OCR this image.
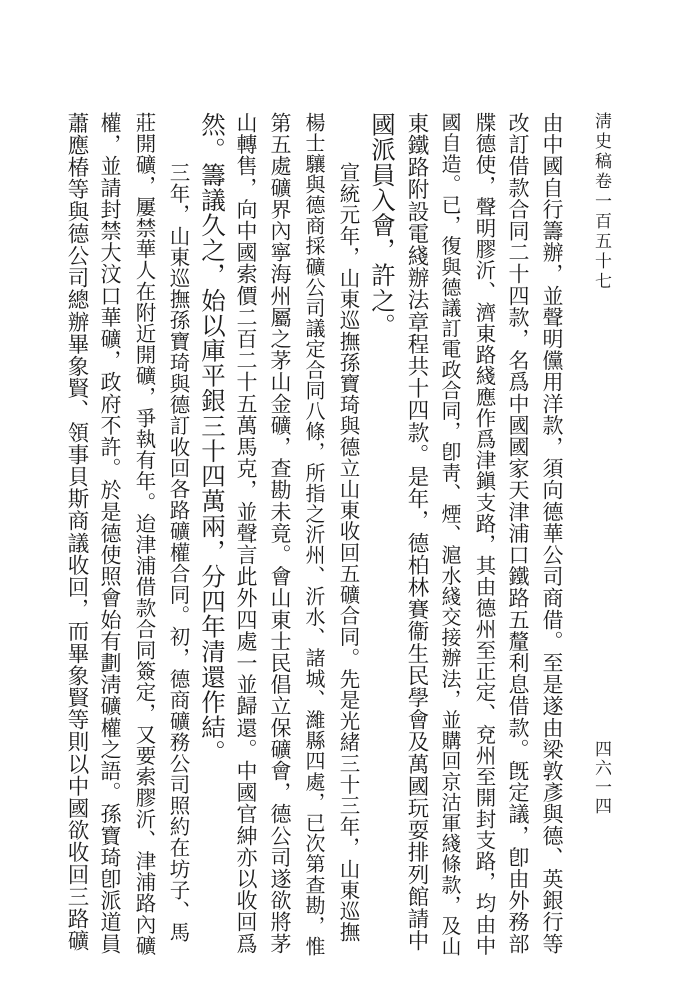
淸史稿卷一百五十七
四六一四

由中國自行籌辦，並聲明儻用洋款，須向德華公司商借。至是遂由梁敦彥與德、英銀行等

改訂借款合同二十四款，名爲中國國家天津浦口鐵路五釐利息借款。旣定議，卽由外務部

牒德使，聲明膠沂、濟東路綫應作爲津鎭支路，其由德州至正定、兗州至開封支路，均由中

國自造。已，復與德議訂電政合同，卽靑、煙、滬水綫交接辦法，並購回京沽軍綫條款，及山

東鐵路附設電綫辦法章程共十四款。是年，德柏林賽衞生民學會及萬國玩耍排列館請中

國派員入會，許之。

宣統元年，山東巡撫孫寶琦與德立山東收回五礦合同。先是光緒三十三年，山東巡撫

楊士驤與德商採礦公司議定合同八條，所指之沂州、沂水、諸城、濰縣四處，已次第查勘，惟

第五處礦界內寧海州屬之茅山金礦，查勘未竟。會山東士民倡立保礦會，德公司遂欲將茅

山轉售，向中國索價二百二十五萬馬克，並聲言此外四處一並歸還。中國官紳亦以收回爲

然。籌議久之，始以庫平銀三十四萬兩，分四年清還作結。

三年，山東巡撫孫寶琦與德訂收回各路礦權合同。初，德商礦務公司照約在坊子、馬

莊開礦，屢禁華人在附近開礦，爭執有年。迨津浦借款合同簽定，又要索膠沂、津浦路內礦

權，並請封禁大汶口華礦，政府不許。於是德使照會始有劃淸礦權之語。孫寶琦卽派道員

蕭應椿等與德公司總辦畢象賢、領事貝斯商議收回，而畢象賢等則以中國欲收回三路礦
